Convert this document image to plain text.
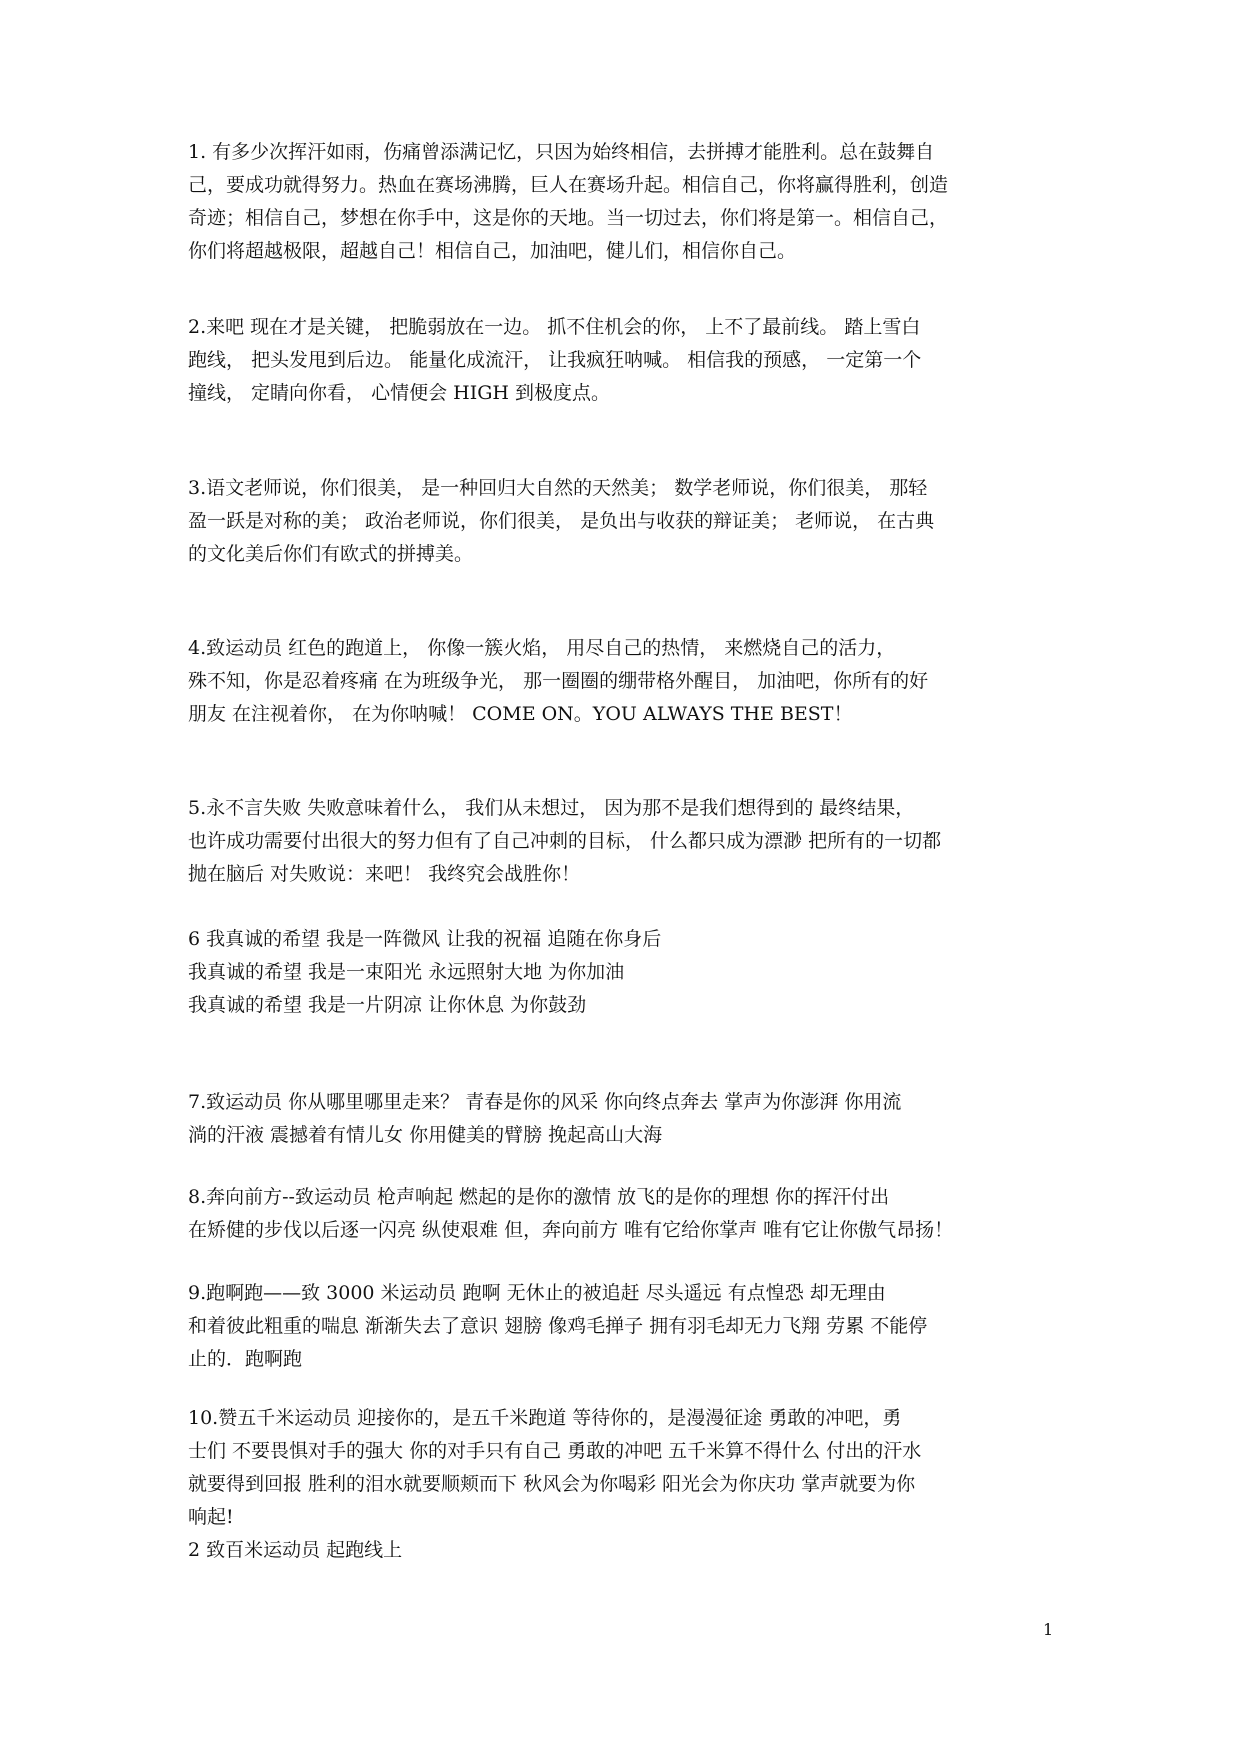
1. 有多少次挥汗如雨，伤痛曾添满记忆，只因为始终相信，去拼搏才能胜利。总在鼓舞自
己，要成功就得努力。热血在赛场沸腾，巨人在赛场升起。相信自己，你将赢得胜利，创造
奇迹；相信自己，梦想在你手中，这是你的天地。当一切过去，你们将是第一。相信自己，
你们将超越极限，超越自己！相信自己，加油吧，健儿们，相信你自己。
2.来吧 现在才是关键， 把脆弱放在一边。 抓不住机会的你， 上不了最前线。 踏上雪白
跑线， 把头发甩到后边。 能量化成流汗， 让我疯狂呐喊。 相信我的预感， 一定第一个
撞线， 定睛向你看， 心情便会 HIGH 到极度点。
3.语文老师说，你们很美， 是一种回归大自然的天然美； 数学老师说，你们很美， 那轻
盈一跃是对称的美； 政治老师说，你们很美， 是负出与收获的辩证美； 老师说， 在古典
的文化美后你们有欧式的拼搏美。
4.致运动员 红色的跑道上， 你像一簇火焰， 用尽自己的热情， 来燃烧自己的活力，
殊不知，你是忍着疼痛 在为班级争光， 那一圈圈的绷带格外醒目， 加油吧，你所有的好
朋友 在注视着你， 在为你呐喊！ COME ON。YOU ALWAYS THE BEST！
5.永不言失败 失败意味着什么， 我们从未想过， 因为那不是我们想得到的 最终结果，
也许成功需要付出很大的努力但有了自己冲刺的目标， 什么都只成为漂渺 把所有的一切都
抛在脑后 对失败说：来吧！ 我终究会战胜你！
6 我真诚的希望 我是一阵微风 让我的祝福 追随在你身后
我真诚的希望 我是一束阳光 永远照射大地 为你加油
我真诚的希望 我是一片阴凉 让你休息 为你鼓劲
7.致运动员 你从哪里哪里走来？ 青春是你的风采 你向终点奔去 掌声为你澎湃 你用流
淌的汗液 震撼着有情儿女 你用健美的臂膀 挽起高山大海
8.奔向前方--致运动员 枪声响起 燃起的是你的激情 放飞的是你的理想 你的挥汗付出
在矫健的步伐以后逐一闪亮 纵使艰难 但，奔向前方 唯有它给你掌声 唯有它让你傲气昂扬！
9.跑啊跑——致 3000 米运动员 跑啊 无休止的被追赶 尽头遥远 有点惶恐 却无理由
和着彼此粗重的喘息 渐渐失去了意识 翅膀 像鸡毛掸子 拥有羽毛却无力飞翔 劳累 不能停
止的．跑啊跑
10.赞五千米运动员 迎接你的，是五千米跑道 等待你的，是漫漫征途 勇敢的冲吧，勇
士们 不要畏惧对手的强大 你的对手只有自己 勇敢的冲吧 五千米算不得什么 付出的汗水
就要得到回报 胜利的泪水就要顺颊而下 秋风会为你喝彩 阳光会为你庆功 掌声就要为你
响起!
2 致百米运动员 起跑线上
1
